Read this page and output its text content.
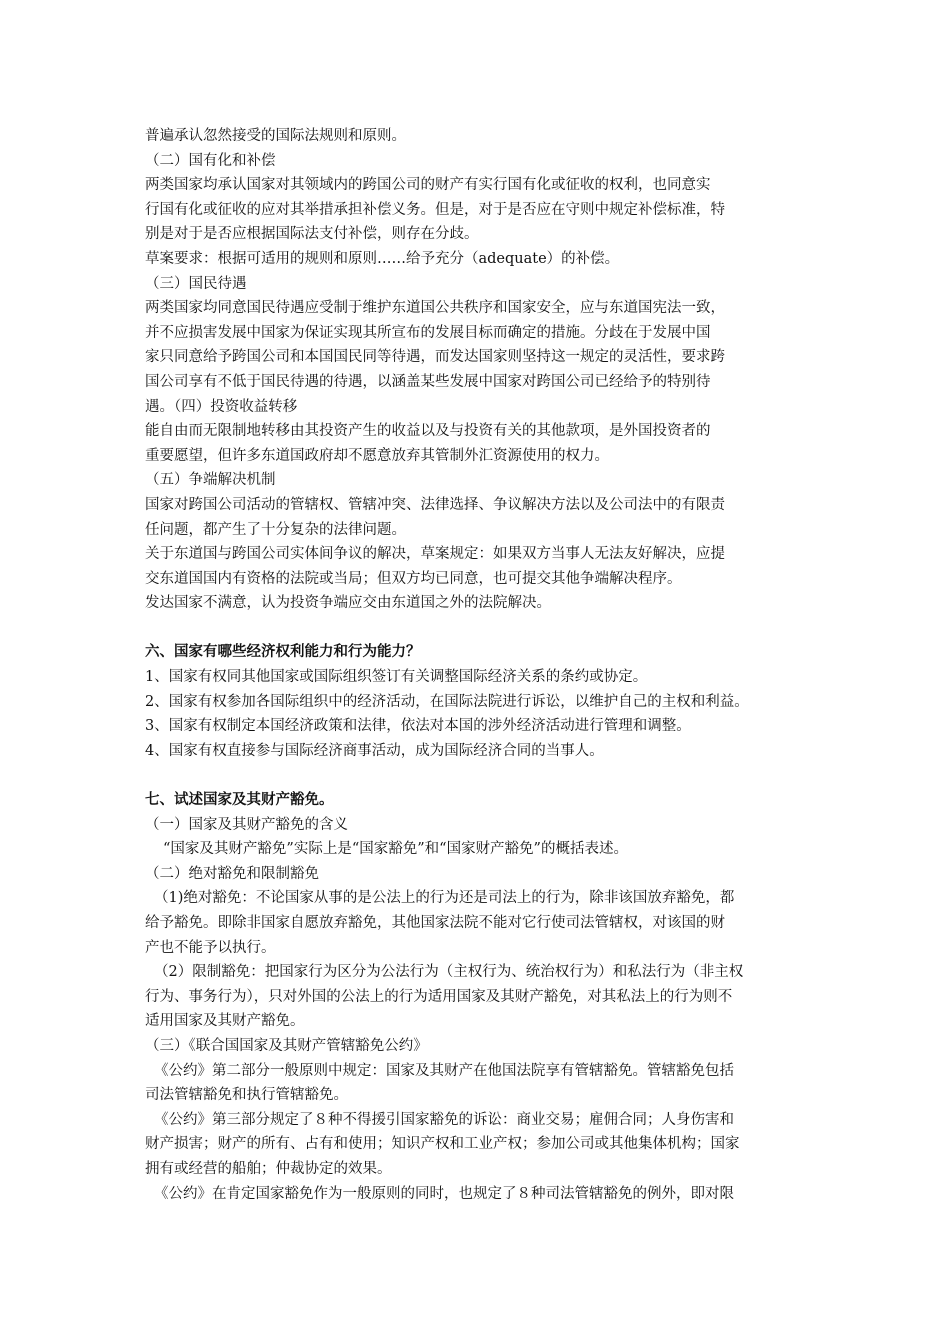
普遍承认忽然接受的国际法规则和原则。
（二）国有化和补偿
两类国家均承认国家对其领域内的跨国公司的财产有实行国有化或征收的权利，也同意实
行国有化或征收的应对其举措承担补偿义务。但是，对于是否应在守则中规定补偿标准，特
别是对于是否应根据国际法支付补偿，则存在分歧。
草案要求：根据可适用的规则和原则……给予充分（adequate）的补偿。
（三）国民待遇
两类国家均同意国民待遇应受制于维护东道国公共秩序和国家安全，应与东道国宪法一致，
并不应损害发展中国家为保证实现其所宣布的发展目标而确定的措施。分歧在于发展中国
家只同意给予跨国公司和本国国民同等待遇，而发达国家则坚持这一规定的灵活性，要求跨
国公司享有不低于国民待遇的待遇，以涵盖某些发展中国家对跨国公司已经给予的特别待
遇。（四）投资收益转移
能自由而无限制地转移由其投资产生的收益以及与投资有关的其他款项，是外国投资者的
重要愿望，但许多东道国政府却不愿意放弃其管制外汇资源使用的权力。
（五）争端解决机制
国家对跨国公司活动的管辖权、管辖冲突、法律选择、争议解决方法以及公司法中的有限责
任问题，都产生了十分复杂的法律问题。
关于东道国与跨国公司实体间争议的解决，草案规定：如果双方当事人无法友好解决，应提
交东道国国内有资格的法院或当局；但双方均已同意，也可提交其他争端解决程序。
发达国家不满意，认为投资争端应交由东道国之外的法院解决。
六、国家有哪些经济权利能力和行为能力？
1、国家有权同其他国家或国际组织签订有关调整国际经济关系的条约或协定。
2、国家有权参加各国际组织中的经济活动，在国际法院进行诉讼，以维护自己的主权和利益。
3、国家有权制定本国经济政策和法律，依法对本国的涉外经济活动进行管理和调整。
4、国家有权直接参与国际经济商事活动，成为国际经济合同的当事人。
七、试述国家及其财产豁免。
（一）国家及其财产豁免的含义
“国家及其财产豁免”实际上是“国家豁免”和“国家财产豁免”的概括表述。
（二）绝对豁免和限制豁免
（1)绝对豁免：不论国家从事的是公法上的行为还是司法上的行为，除非该国放弃豁免，都
给予豁免。即除非国家自愿放弃豁免，其他国家法院不能对它行使司法管辖权，对该国的财
产也不能予以执行。
（2）限制豁免：把国家行为区分为公法行为（主权行为、统治权行为）和私法行为（非主权
行为、事务行为），只对外国的公法上的行为适用国家及其财产豁免，对其私法上的行为则不
适用国家及其财产豁免。
（三）《联合国国家及其财产管辖豁免公约》
《公约》第二部分一般原则中规定：国家及其财产在他国法院享有管辖豁免。管辖豁免包括
司法管辖豁免和执行管辖豁免。
《公约》第三部分规定了８种不得援引国家豁免的诉讼：商业交易；雇佣合同；人身伤害和
财产损害；财产的所有、占有和使用；知识产权和工业产权；参加公司或其他集体机构；国家
拥有或经营的船舶；仲裁协定的效果。
《公约》在肯定国家豁免作为一般原则的同时，也规定了８种司法管辖豁免的例外，即对限
